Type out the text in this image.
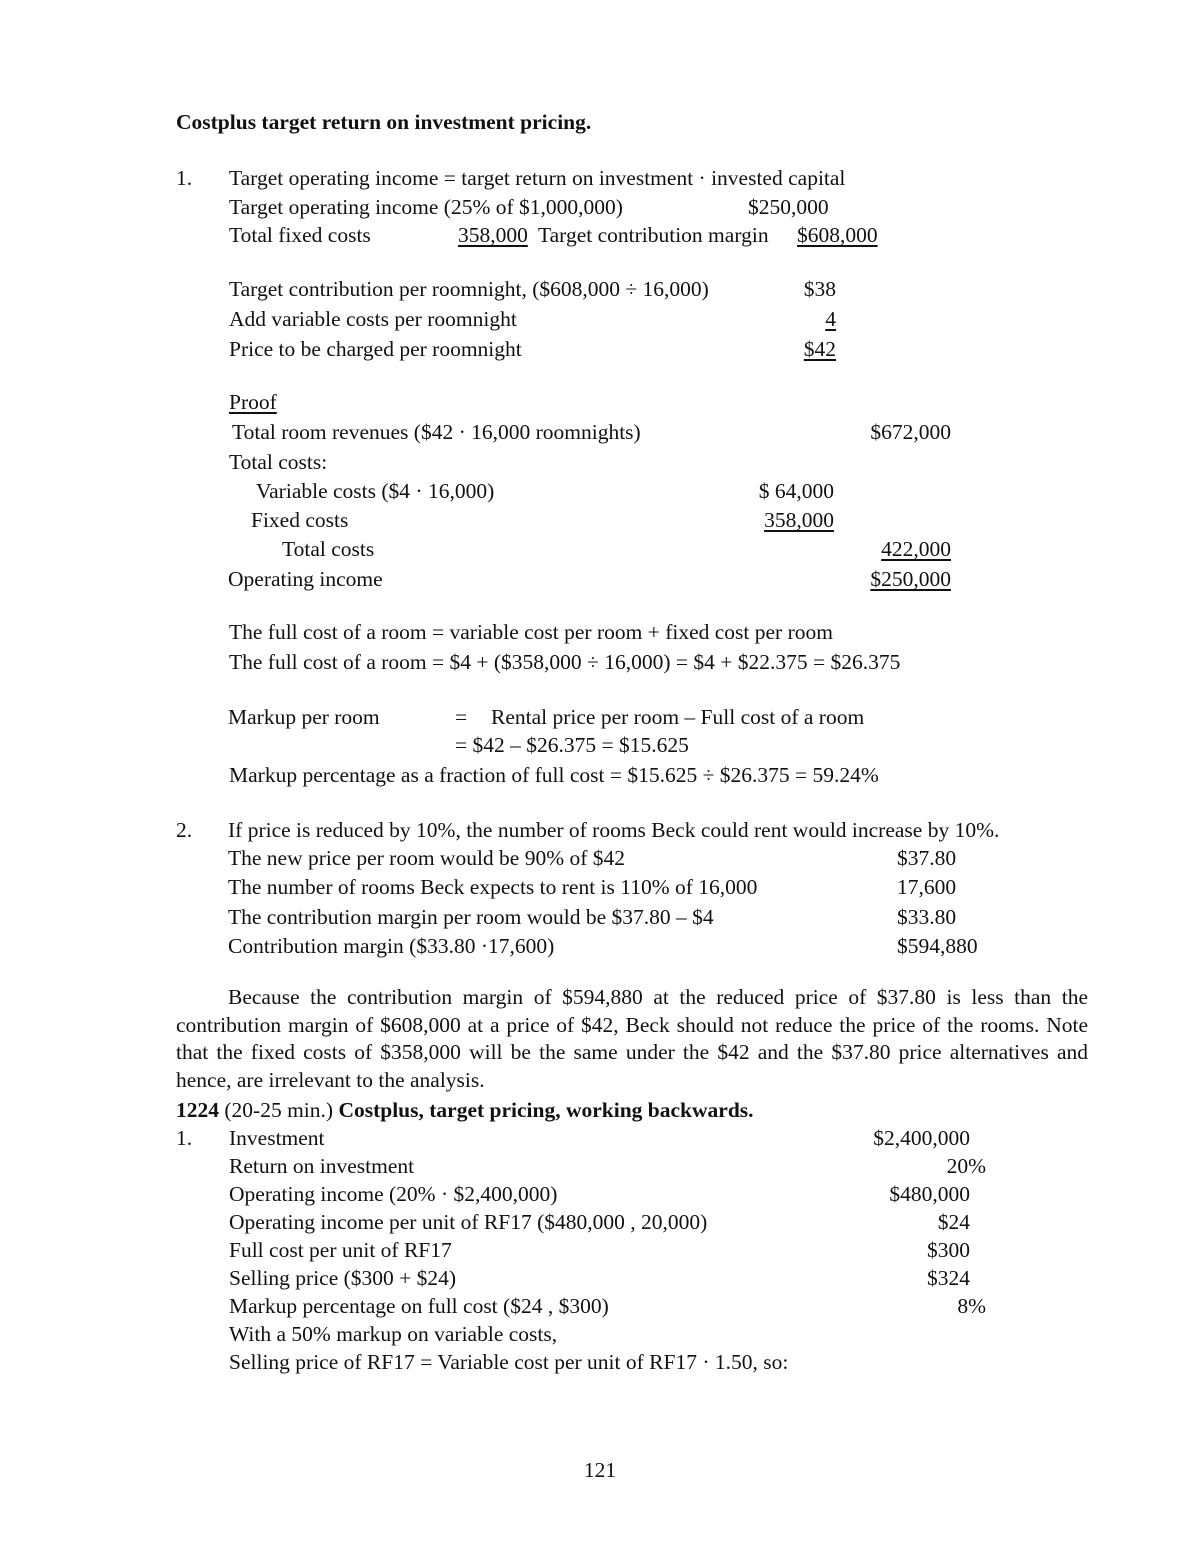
Costplus target return on investment pricing.
1. Target operating income = target return on investment · invested capital
Target operating income (25% of $1,000,000)	$250,000
Total fixed costs	358,000 Target contribution margin $608,000
Target contribution per roomnight, ($608,000 ÷ 16,000)	$38
Add variable costs per roomnight	4
Price to be charged per roomnight	$42
Proof
Total room revenues ($42 · 16,000 roomnights)	$672,000
Total costs:
Variable costs ($4 · 16,000)	$ 64,000
Fixed costs	358,000
Total costs	422,000
Operating income	$250,000
The full cost of a room = variable cost per room + fixed cost per room
The full cost of a room = $4 + ($358,000 ÷ 16,000) = $4 + $22.375 = $26.375
Markup per room	= Rental price per room – Full cost of a room
= $42 – $26.375 = $15.625
Markup percentage as a fraction of full cost = $15.625 ÷ $26.375 = 59.24%
2. If price is reduced by 10%, the number of rooms Beck could rent would increase by 10%.
The new price per room would be 90% of $42	$37.80
The number of rooms Beck expects to rent is 110% of 16,000	17,600
The contribution margin per room would be $37.80 – $4	$33.80
Contribution margin ($33.80 ·17,600)	$594,880
Because the contribution margin of $594,880 at the reduced price of $37.80 is less than the contribution margin of $608,000 at a price of $42, Beck should not reduce the price of the rooms. Note that the fixed costs of $358,000 will be the same under the $42 and the $37.80 price alternatives and hence, are irrelevant to the analysis.
1224 (20-25 min.) Costplus, target pricing, working backwards.
1. Investment	$2,400,000
Return on investment	20%
Operating income (20% · $2,400,000)	$480,000
Operating income per unit of RF17 ($480,000 , 20,000)	$24
Full cost per unit of RF17	$300
Selling price ($300 + $24)	$324
Markup percentage on full cost ($24 , $300)	8%
With a 50% markup on variable costs,
Selling price of RF17 = Variable cost per unit of RF17 · 1.50, so:
121
